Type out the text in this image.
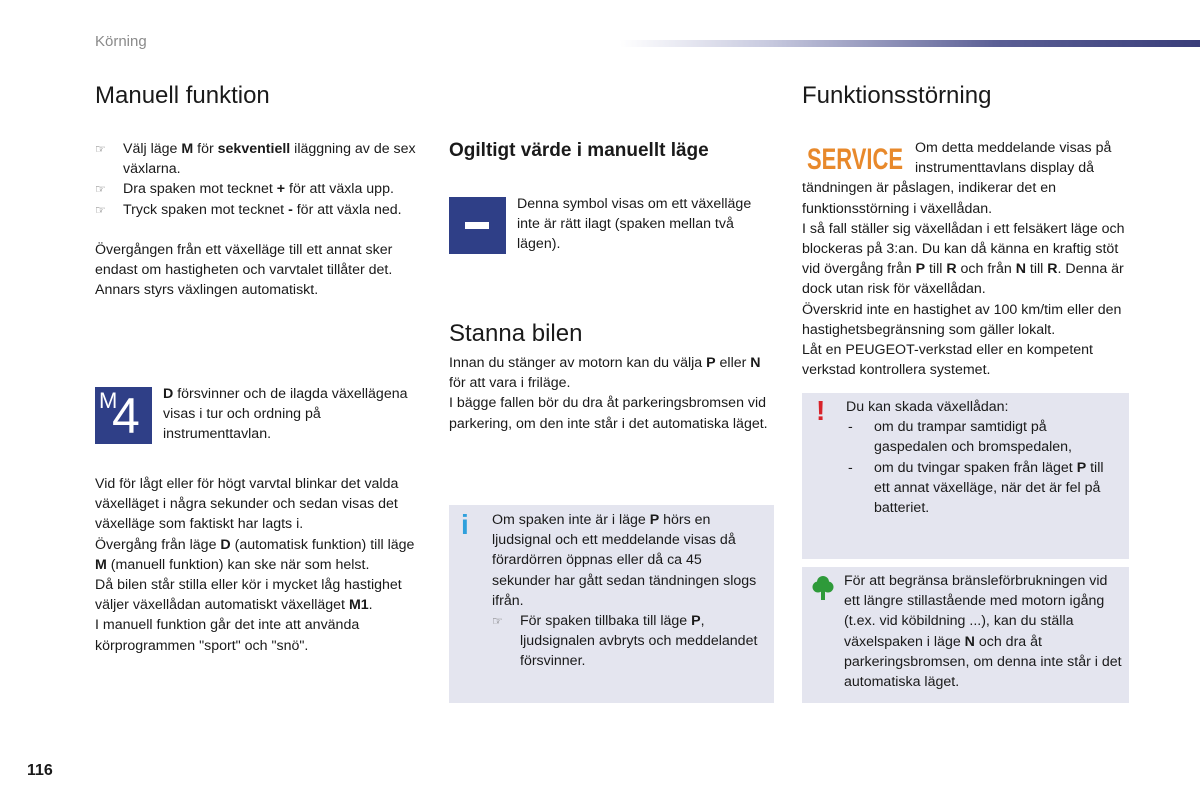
Körning
Manuell funktion
☞ Välj läge M för sekventiell iläggning av de sex växlarna.
☞ Dra spaken mot tecknet + för att växla upp.
☞ Tryck spaken mot tecknet - för att växla ned.
Övergången från ett växelläge till ett annat sker endast om hastigheten och varvtalet tillåter det. Annars styrs växlingen automatiskt.
M
4 D försvinner och de ilagda växellägena visas i tur och ordning på instrumenttavlan.
Vid för lågt eller för högt varvtal blinkar det valda växelläget i några sekunder och sedan visas det växelläge som faktiskt har lagts i.
Övergång från läge D (automatisk funktion) till läge M (manuell funktion) kan ske när som helst.
Då bilen står stilla eller kör i mycket låg hastighet väljer växellådan automatiskt växelläget M1.
I manuell funktion går det inte att använda körprogrammen "sport" och "snö".
Ogiltigt värde i manuellt läge
Denna symbol visas om ett växelläge inte är rätt ilagt (spaken mellan två lägen).
Stanna bilen
Innan du stänger av motorn kan du välja P eller N för att vara i friläge.
I bägge fallen bör du dra åt parkeringsbromsen vid parkering, om den inte står i det automatiska läget.
i Om spaken inte är i läge P hörs en ljudsignal och ett meddelande visas då förardörren öppnas eller då ca 45 sekunder har gått sedan tändningen slogs ifrån.
☞ För spaken tillbaka till läge P, ljudsignalen avbryts och meddelandet försvinner.
Funktionsstörning
SERVICE Om detta meddelande visas på instrumenttavlans display då tändningen är påslagen, indikerar det en funktionsstörning i växellådan.
I så fall ställer sig växellådan i ett felsäkert läge och blockeras på 3:an. Du kan då känna en kraftig stöt vid övergång från P till R och från N till R. Denna är dock utan risk för växellådan.
Överskrid inte en hastighet av 100 km/tim eller den hastighetsbegränsning som gäller lokalt.
Låt en PEUGEOT-verkstad eller en kompetent verkstad kontrollera systemet.
! Du kan skada växellådan:
- om du trampar samtidigt på gaspedalen och bromspedalen,
- om du tvingar spaken från läget P till ett annat växelläge, när det är fel på batteriet.
För att begränsa bränsleförbrukningen vid ett längre stillastående med motorn igång (t.ex. vid köbildning ...), kan du ställa växelspaken i läge N och dra åt parkeringsbromsen, om denna inte står i det automatiska läget.
116
